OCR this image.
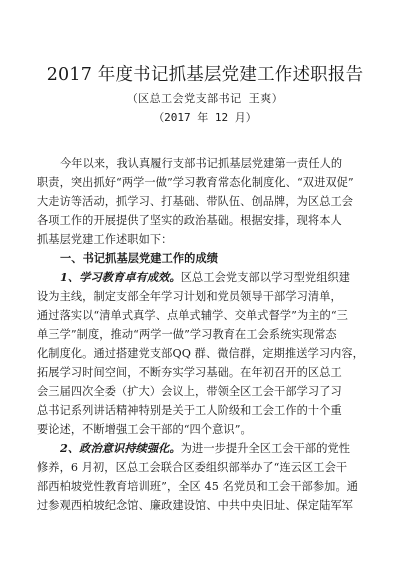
2017 年度书记抓基层党建工作述职报告
（区总工会党支部书记 王爽）
（2017 年 12 月）
今年以来，我认真履行支部书记抓基层党建第一责任人的
职责，突出抓好“两学一做”学习教育常态化制度化、“双进双促”
大走访等活动，抓学习、打基础、带队伍、创品牌，为区总工会
各项工作的开展提供了坚实的政治基础。根据安排，现将本人
抓基层党建工作述职如下：
一、书记抓基层党建工作的成绩
1、学习教育卓有成效。区总工会党支部以学习型党组织建
设为主线，制定支部全年学习计划和党员领导干部学习清单，
通过落实以“清单式真学、点单式辅学、交单式督学”为主的“三
单三学”制度，推动“两学一做”学习教育在工会系统实现常态
化制度化。通过搭建党支部QQ 群、微信群，定期推送学习内容，
拓展学习时间空间，不断夯实学习基础。在年初召开的区总工
会三届四次全委（扩大）会议上，带领全区工会干部学习了习
总书记系列讲话精神特别是关于工人阶级和工会工作的十个重
要论述，不断增强工会干部的“四个意识”。
2、政治意识持续强化。为进一步提升全区工会干部的党性
修养，6 月初，区总工会联合区委组织部举办了“连云区工会干
部西柏坡党性教育培训班”，全区 45 名党员和工会干部参加。通
过参观西柏坡纪念馆、廉政建设馆、中共中央旧址、保定陆军军
